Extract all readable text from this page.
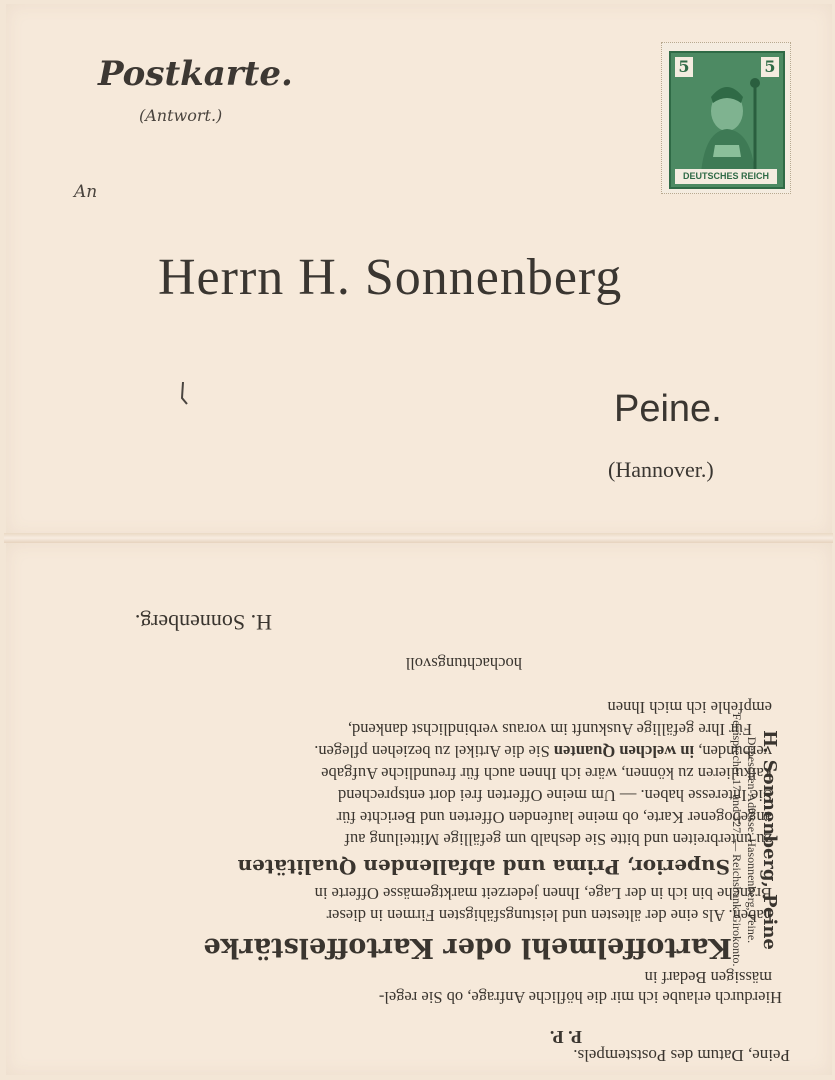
Postkarte.
(Antwort.)
An
5	5
DEUTSCHES REICH
Herrn H. Sonnenberg
Peine.
(Hannover.)
Peine, Datum des Poststempels.
P. P.
Hierdurch erlaube ich mir die höfliche Anfrage, ob Sie regel-
mässigen Bedarf in
Kartoffelmehl oder Kartoffelstärke
haben. Als eine der ältesten und leistungsfähigsten Firmen in dieser
Branche bin ich in der Lage, Ihnen jederzeit marktgemässe Offerte in
Superior, Prima und abfallenden Qualitäten
zu unterbreiten und bitte Sie deshalb um gefällige Mitteilung auf
angebogener Karte, ob meine laufenden Offerten und Berichte für
Sie Interesse haben. — Um meine Offerten frei dort entsprechend
kalkulieren zu können, wäre ich Ihnen auch für freundliche Aufgabe
verbunden, in welchen Quanten Sie die Artikel zu beziehen pflegen.
Für Ihre gefällige Auskunft im voraus verbindlichst dankend,
empfehle ich mich Ihnen
hochachtungsvoll
H. Sonnenberg.
H. Sonnenberg, Peine
Depeschen-Adresse: Hasonnenberg, Peine.
Fernsprecher 17 und 327. — Reichsbank-Girokonto.
